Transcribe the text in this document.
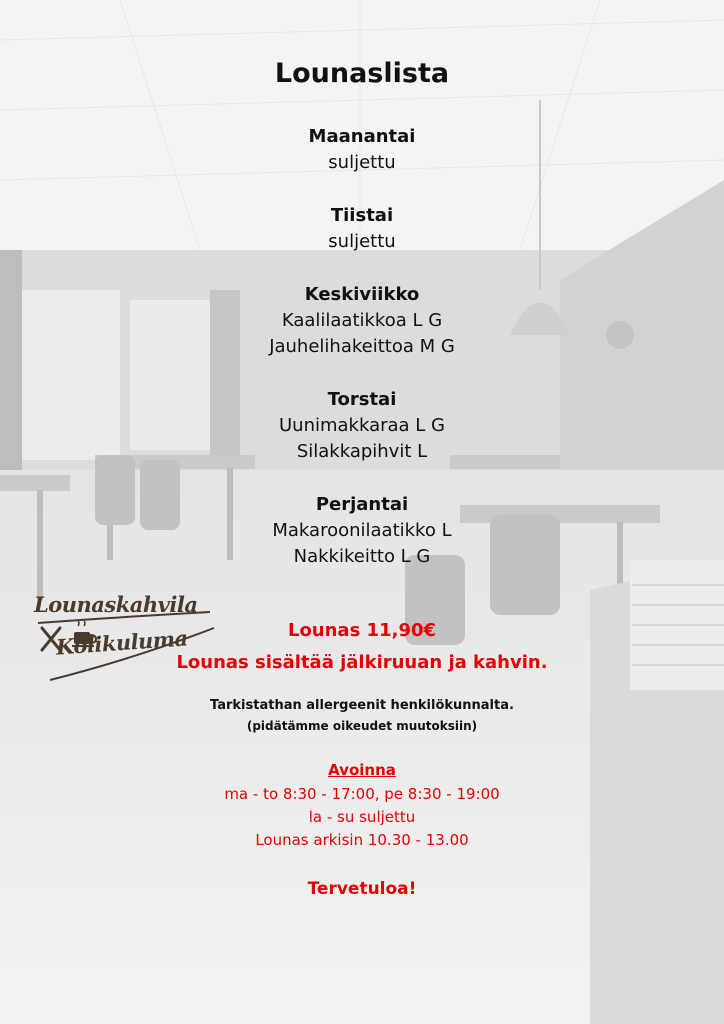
Lounaslista
Maanantai
suljettu
Tiistai
suljettu
Keskiviikko
Kaalilaatikkoa L G
Jauhelihakeittoa M G
Torstai
Uunimakkaraa L G
Silakkapihvit L
Perjantai
Makaroonilaatikko L
Nakkikeitto L G
Lounaskahvila
Kolikuluma	Lounas 11,90€
Lounas sisältää jälkiruuan ja kahvin.
Tarkistathan allergeenit henkilökunnalta.
(pidätämme oikeudet muutoksiin)
Avoinna
ma - to 8:30 - 17:00, pe 8:30 - 19:00
la - su suljettu
Lounas arkisin 10.30 - 13.00
Tervetuloa!
